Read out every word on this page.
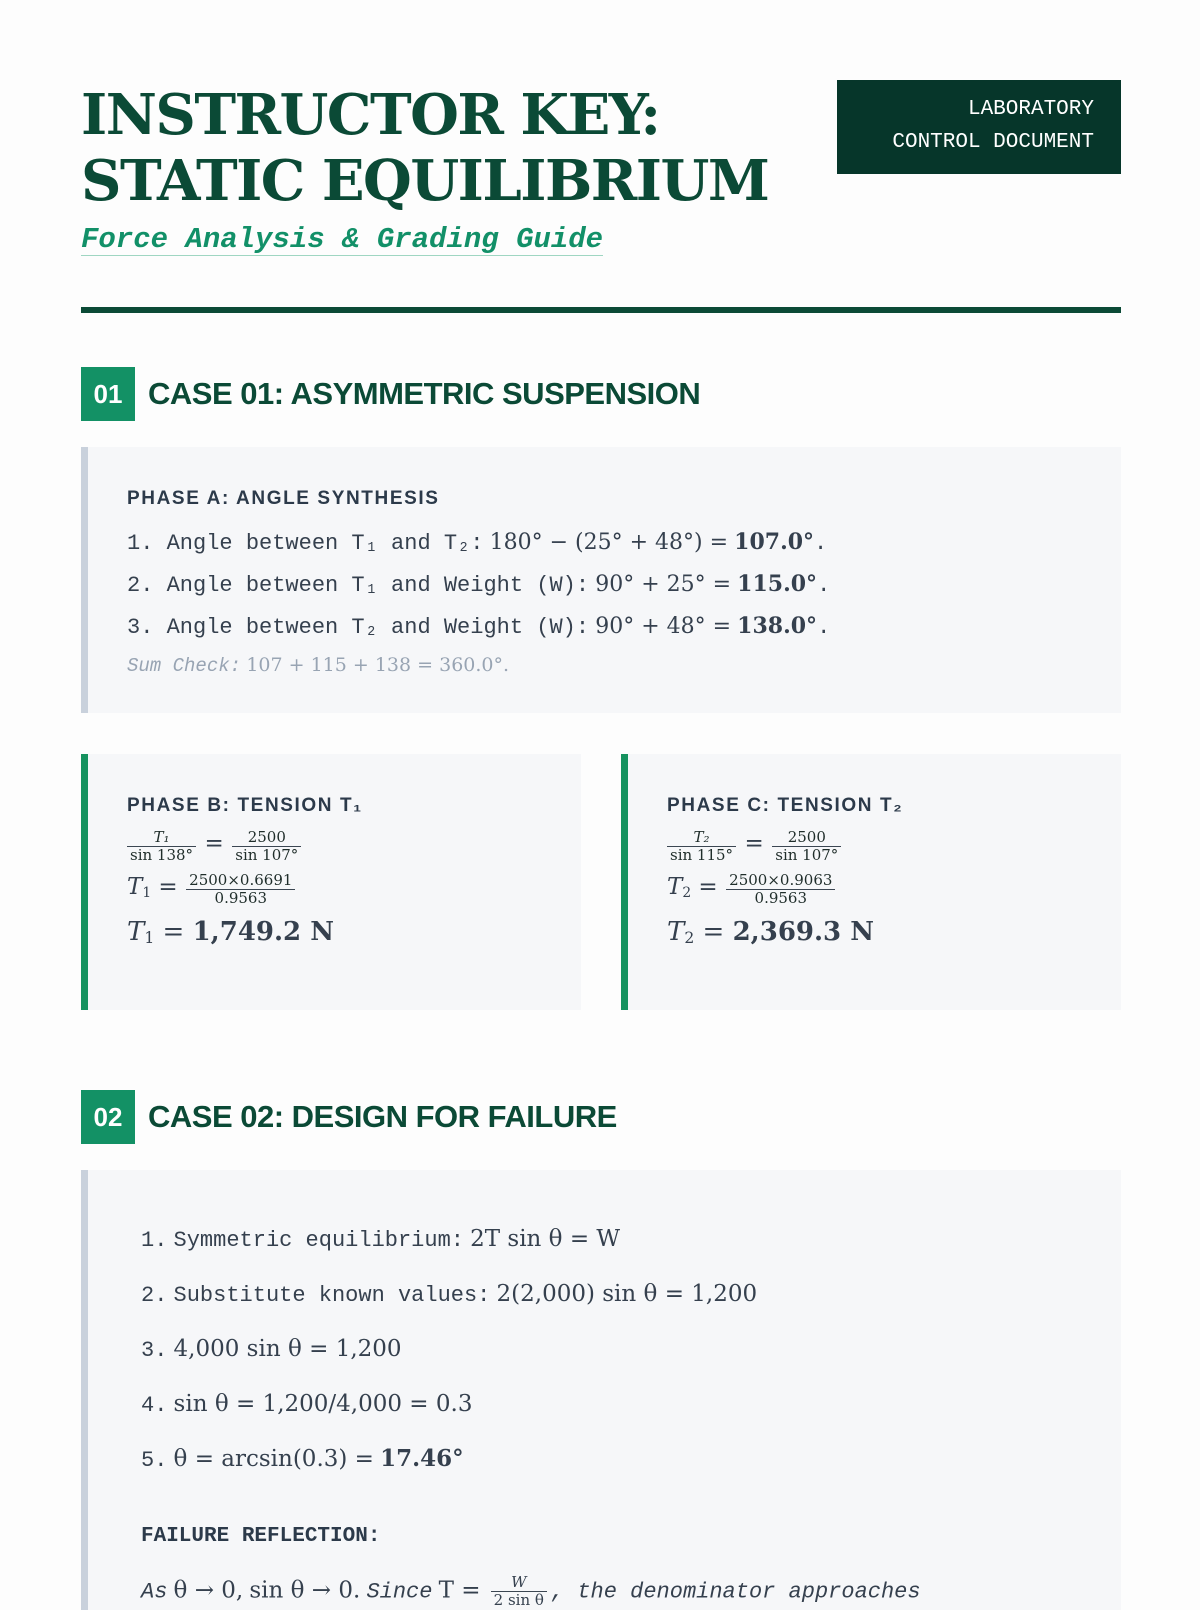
INSTRUCTOR KEY: STATIC EQUILIBRIUM

Force Analysis & Grading Guide

LABORATORY
CONTROL DOCUMENT
01 CASE 01: ASYMMETRIC SUSPENSION

PHASE A: ANGLE SYNTHESIS

1. Angle between T₁ and T₂: 180° − (25° + 48°) = 107.0°.
2. Angle between T₁ and Weight (W): 90° + 25° = 115.0°.
3. Angle between T₂ and Weight (W): 90° + 48° = 138.0°.
Sum Check: 107 + 115 + 138 = 360.0°.

PHASE B: TENSION T₁

$\frac{\text{T₁}}{\sin 138^\circ} = \frac{2500}{\sin 107^\circ}$
$T_1 = \frac{2500\times 0.6691}{0.9563}$
$T_1 = 1,749.2$ N

PHASE C: TENSION T₂

$\frac{\text{T₂}}{\sin 115^\circ} = \frac{2500}{\sin 107^\circ}$
$T_2 = \frac{2500\times 0.9063}{0.9563}$
$T_2 = 2,369.3$ N
02 CASE 02: DESIGN FOR FAILURE
1. Symmetric equilibrium: 2T sin θ = W
2. Substitute known values: 2(2,000) sin θ = 1,200
3. 4,000 sin θ = 1,200
4. sin θ = 1,200/4,000 = 0.3
5. θ = arcsin(0.3) = 17.46°
FAILURE REFLECTION:
As θ → 0, sin θ → 0. Since $T = \frac{W}{\text{2 sin θ}}$ , the denominator approaches
